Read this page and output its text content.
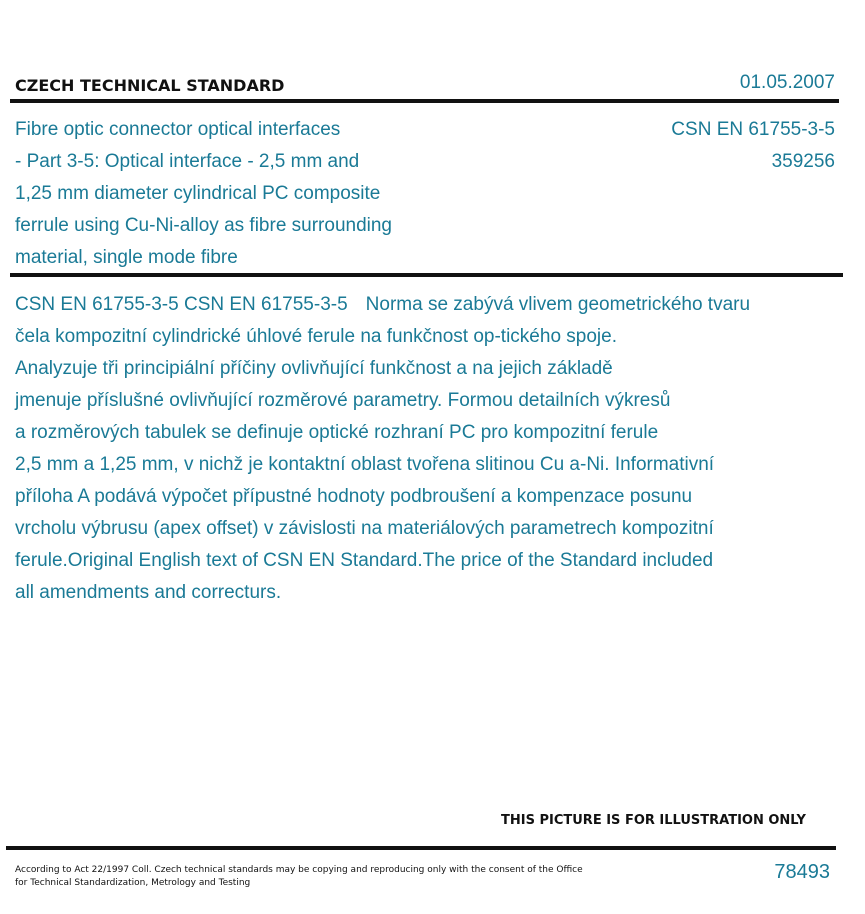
CZECH TECHNICAL STANDARD	01.05.2007
Fibre optic connector optical interfaces
- Part 3-5: Optical interface - 2,5 mm and
1,25 mm diameter cylindrical PC composite
ferrule using Cu-Ni-alloy as fibre surrounding
material, single mode fibre
CSN EN 61755-3-5
359256
CSN EN 61755-3-5 CSN EN 61755-3-5 Norma se zabývá vlivem geometrického tvaru
čela kompozitní cylindrické úhlové ferule na funkčnost op-tického spoje.
Analyzuje tři principiální příčiny ovlivňující funkčnost a na jejich základě
jmenuje příslušné ovlivňující rozměrové parametry. Formou detailních výkresů
a rozměrových tabulek se definuje optické rozhraní PC pro kompozitní ferule
2,5 mm a 1,25 mm, v nichž je kontaktní oblast tvořena slitinou Cu a-Ni. Informativní
příloha A podává výpočet přípustné hodnoty podbroušení a kompenzace posunu
vrcholu výbrusu (apex offset) v závislosti na materiálových parametrech kompozitní
ferule.Original English text of CSN EN Standard.The price of the Standard included
all amendments and correcturs.
THIS PICTURE IS FOR ILLUSTRATION ONLY
According to Act 22/1997 Coll. Czech technical standards may be copying and reproducing only with the consent of the Office
for Technical Standardization, Metrology and Testing	78493
